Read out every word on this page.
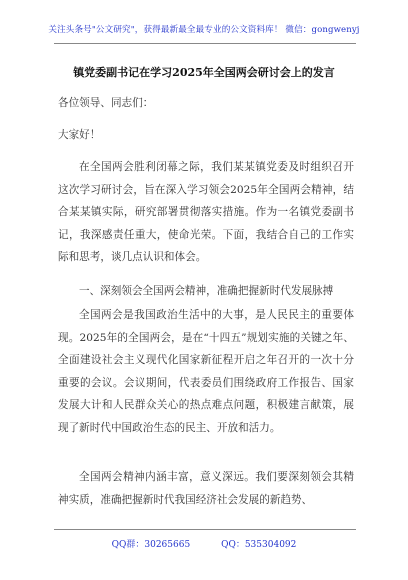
关注头条号"公文研究"，获得最新最全最专业的公文资料库！ 微信：gongwenyj
镇党委副书记在学习2025年全国两会研讨会上的发言
各位领导、同志们：
大家好！
在全国两会胜利闭幕之际，我们某某镇党委及时组织召开这次学习研讨会，旨在深入学习领会2025年全国两会精神，结合某某镇实际，研究部署贯彻落实措施。作为一名镇党委副书记，我深感责任重大，使命光荣。下面，我结合自己的工作实际和思考，谈几点认识和体会。
一、深刻领会全国两会精神，准确把握新时代发展脉搏
全国两会是我国政治生活中的大事，是人民民主的重要体现。2025年的全国两会，是在“十四五”规划实施的关键之年、全面建设社会主义现代化国家新征程开启之年召开的一次十分重要的会议。会议期间，代表委员们围绕政府工作报告、国家发展大计和人民群众关心的热点难点问题，积极建言献策，展现了新时代中国政治生态的民主、开放和活力。
全国两会精神内涵丰富，意义深远。我们要深刻领会其精神实质，准确把握新时代我国经济社会发展的新趋势、
QQ群：30265665	QQ：535304092
